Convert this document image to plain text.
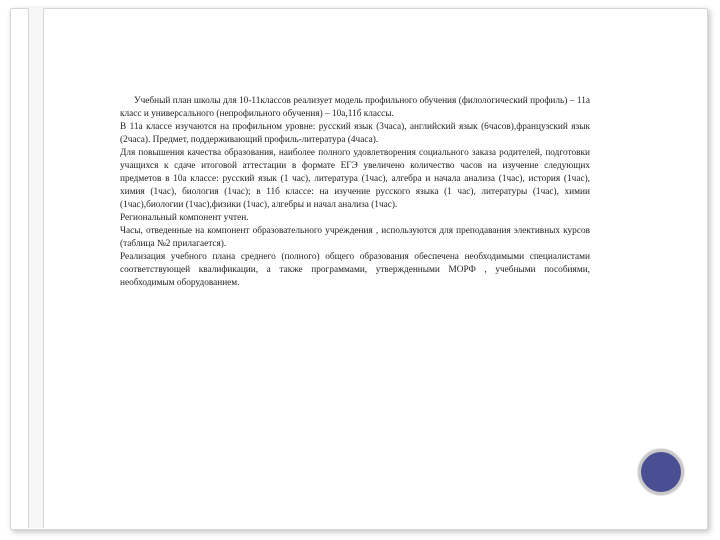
Учебный план школы для 10-11классов реализует модель профильного обучения (филологический профиль) – 11а класс и универсального (непрофильного обучения) – 10а,11б классы.

В 11а классе изучаются на профильном уровне: русский язык (3часа), английский язык (6часов),французский язык (2часа). Предмет, поддерживающий профиль-литература (4часа).

Для повышения качества образования, наиболее полного удовлетворения социального заказа родителей, подготовки учащихся к сдаче итоговой аттестации в формате ЕГЭ увеличено количество часов на изучение следующих предметов в 10а классе: русский язык (1 час), литература (1час), алгебра и начала анализа (1час), история (1час), химия (1час), биология (1час); в 11б классе: на изучение русского языка (1 час), литературы (1час), химии (1час),биологии (1час),физики (1час), алгебры и начал анализа (1час).

Региональный компонент учтен.

Часы, отведенные на компонент образовательного учреждения , используются для преподавания элективных курсов (таблица №2 прилагается).

Реализация учебного плана среднего (полного) общего образования обеспечена необходимыми специалистами соответствующей квалификации, а также программами, утвержденными МОРФ , учебными пособиями, необходимым оборудованием.
